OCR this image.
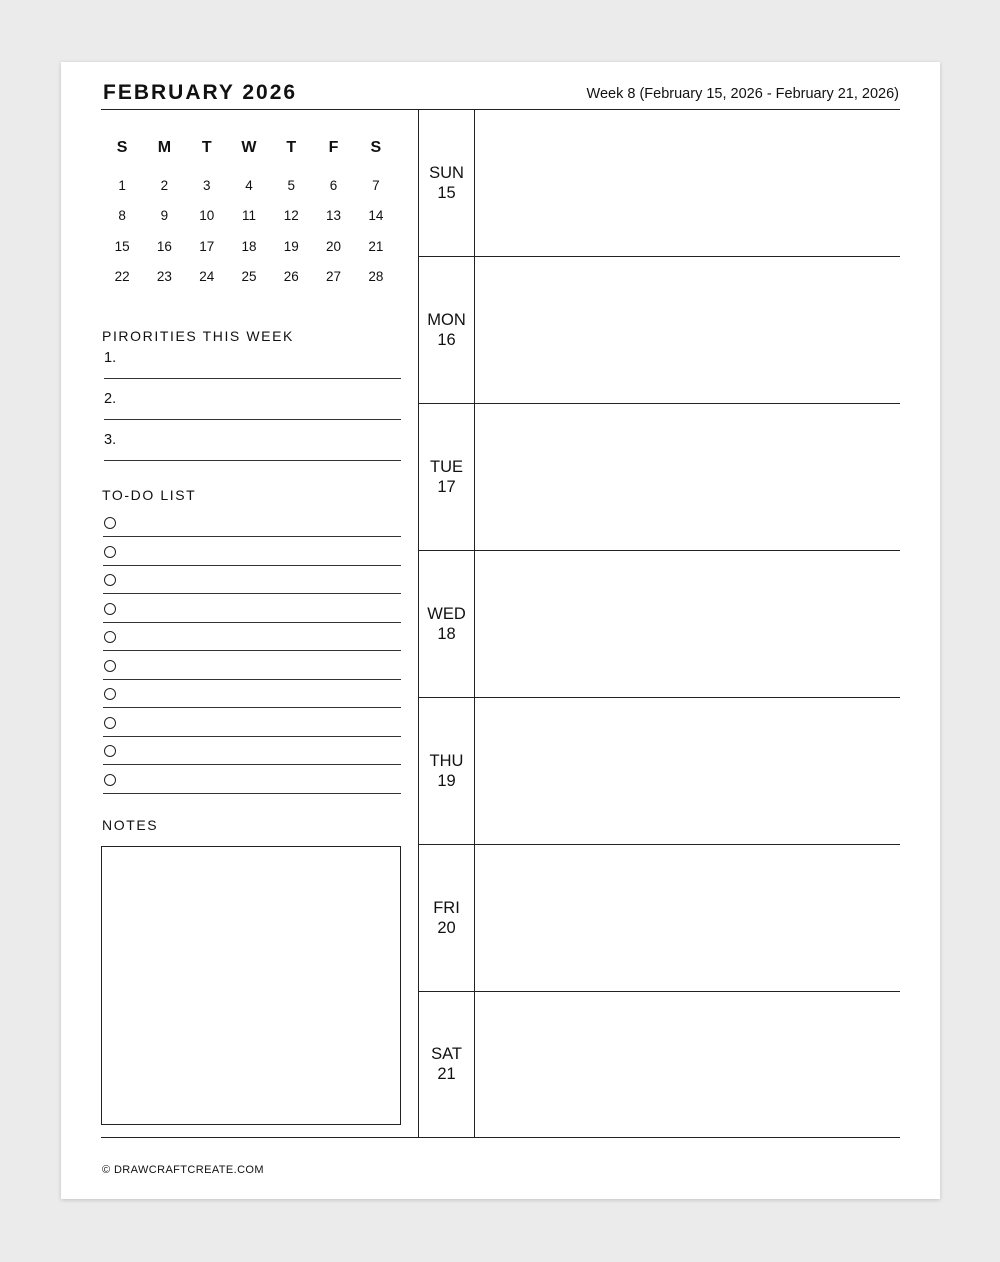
FEBRUARY 2026	Week 8 (February 15, 2026 - February 21, 2026)
S	M	T	W	T	F	S
1	2	3	4	5	6	7
8	9	10	11	12	13	14
15	16	17	18	19	20	21
22	23	24	25	26	27	28
PIRORITIES THIS WEEK
1.
2.
3.
TO-DO LIST
NOTES
SUN
15
MON
16
TUE
17
WED
18
THU
19
FRI
20
SAT
21
© DRAWCRAFTCREATE.COM
